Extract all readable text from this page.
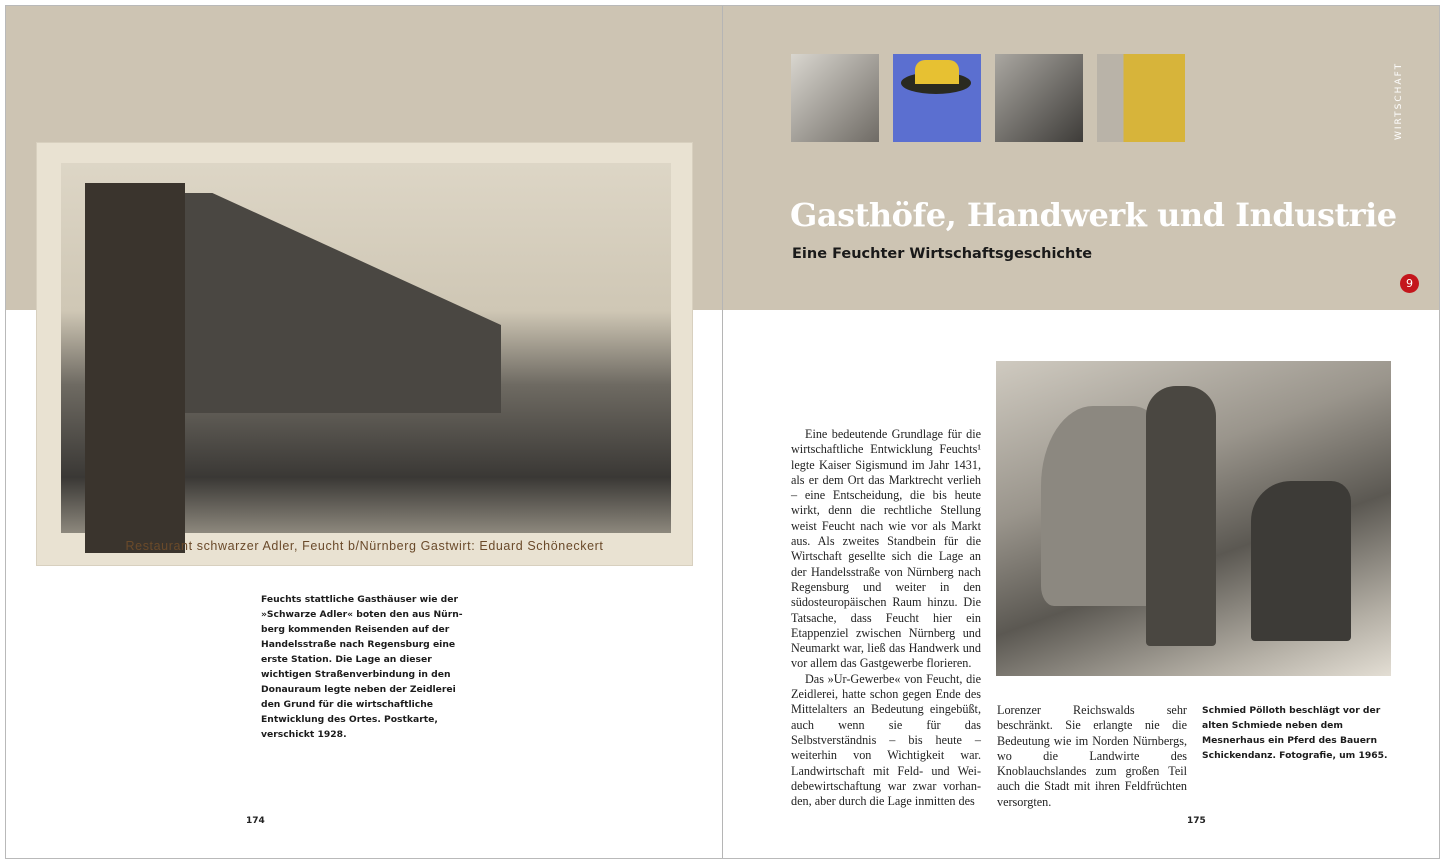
Restaurant schwarzer Adler, Feucht b/Nürnberg Gastwirt: Eduard Schöneckert
Feuchts stattliche Gasthäuser wie der »Schwarze Adler« boten den aus Nürnberg kommenden Reisenden auf der Handelsstraße nach Regensburg eine erste Station. Die Lage an dieser wichtigen Straßenverbindung in den Donauraum legte neben der Zeidlerei den Grund für die wirtschaftliche Entwicklung des Ortes. Postkarte, verschickt 1928.
174
WIRTSCHAFT
Gasthöfe, Handwerk und Industrie
Eine Feuchter Wirtschaftsgeschichte
9

Eine bedeutende Grundlage für die wirtschaftliche Entwicklung Feuchts¹ legte Kaiser Sigismund im Jahr 1431, als er dem Ort das Marktrecht verlieh – eine Entscheidung, die bis heute wirkt, denn die rechtliche Stellung weist Feucht nach wie vor als Markt aus. Als zweites Standbein für die Wirtschaft gesellte sich die Lage an der Handelsstraße von Nürnberg nach Regensburg und weiter in den südosteuropäischen Raum hinzu. Die Tatsache, dass Feucht hier ein Etappenziel zwischen Nürnberg und Neumarkt war, ließ das Handwerk und vor allem das Gastgewerbe florieren.

Das »Ur-Gewerbe« von Feucht, die Zeidlerei, hatte schon gegen Ende des Mittelalters an Bedeutung eingebüßt, auch wenn sie für das Selbstverständnis – bis heute – weiterhin von Wichtigkeit war. Landwirtschaft mit Feld- und Weidebewirtschaftung war zwar vorhanden, aber durch die Lage inmitten des

Lorenzer Reichswalds sehr beschränkt. Sie erlangte nie die Bedeutung wie im Norden Nürnbergs, wo die Landwirte des Knoblauchslandes zum großen Teil auch die Stadt mit ihren Feldfrüchten versorgten.

Schmied Pölloth beschlägt vor der alten Schmiede neben dem Mesnerhaus ein Pferd des Bauern Schickendanz. Fotografie, um 1965.
175
